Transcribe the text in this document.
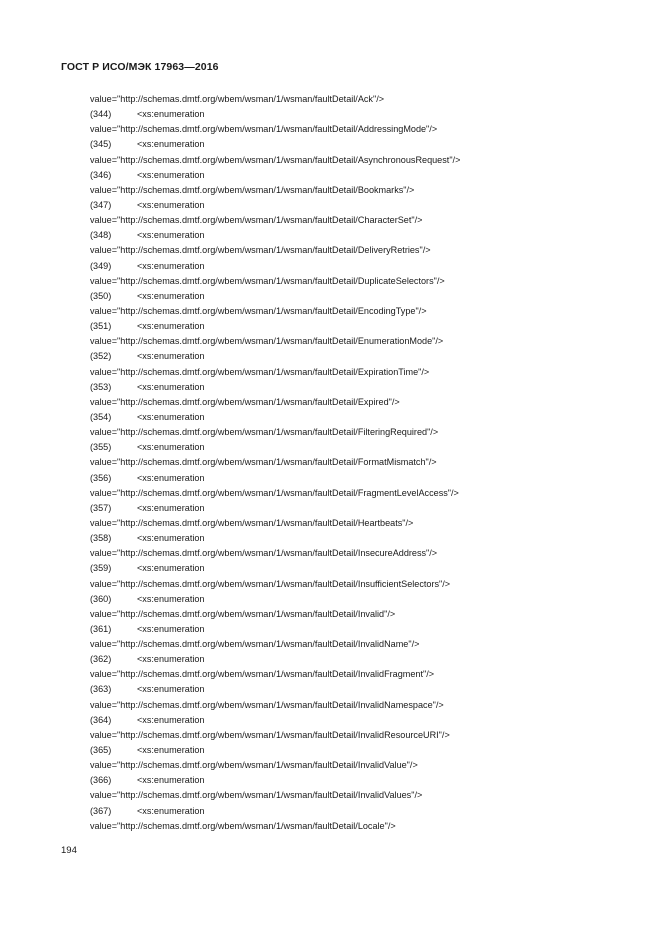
ГОСТ Р ИСО/МЭК 17963—2016
value="http://schemas.dmtf.org/wbem/wsman/1/wsman/faultDetail/Ack"/>
(344)	<xs:enumeration
value="http://schemas.dmtf.org/wbem/wsman/1/wsman/faultDetail/AddressingMode"/>
(345)	<xs:enumeration
value="http://schemas.dmtf.org/wbem/wsman/1/wsman/faultDetail/AsynchronousRequest"/>
(346)	<xs:enumeration
value="http://schemas.dmtf.org/wbem/wsman/1/wsman/faultDetail/Bookmarks"/>
(347)	<xs:enumeration
value="http://schemas.dmtf.org/wbem/wsman/1/wsman/faultDetail/CharacterSet"/>
(348)	<xs:enumeration
value="http://schemas.dmtf.org/wbem/wsman/1/wsman/faultDetail/DeliveryRetries"/>
(349)	<xs:enumeration
value="http://schemas.dmtf.org/wbem/wsman/1/wsman/faultDetail/DuplicateSelectors"/>
(350)	<xs:enumeration
value="http://schemas.dmtf.org/wbem/wsman/1/wsman/faultDetail/EncodingType"/>
(351)	<xs:enumeration
value="http://schemas.dmtf.org/wbem/wsman/1/wsman/faultDetail/EnumerationMode"/>
(352)	<xs:enumeration
value="http://schemas.dmtf.org/wbem/wsman/1/wsman/faultDetail/ExpirationTime"/>
(353)	<xs:enumeration
value="http://schemas.dmtf.org/wbem/wsman/1/wsman/faultDetail/Expired"/>
(354)	<xs:enumeration
value="http://schemas.dmtf.org/wbem/wsman/1/wsman/faultDetail/FilteringRequired"/>
(355)	<xs:enumeration
value="http://schemas.dmtf.org/wbem/wsman/1/wsman/faultDetail/FormatMismatch"/>
(356)	<xs:enumeration
value="http://schemas.dmtf.org/wbem/wsman/1/wsman/faultDetail/FragmentLevelAccess"/>
(357)	<xs:enumeration
value="http://schemas.dmtf.org/wbem/wsman/1/wsman/faultDetail/Heartbeats"/>
(358)	<xs:enumeration
value="http://schemas.dmtf.org/wbem/wsman/1/wsman/faultDetail/InsecureAddress"/>
(359)	<xs:enumeration
value="http://schemas.dmtf.org/wbem/wsman/1/wsman/faultDetail/InsufficientSelectors"/>
(360)	<xs:enumeration
value="http://schemas.dmtf.org/wbem/wsman/1/wsman/faultDetail/Invalid"/>
(361)	<xs:enumeration
value="http://schemas.dmtf.org/wbem/wsman/1/wsman/faultDetail/InvalidName"/>
(362)	<xs:enumeration
value="http://schemas.dmtf.org/wbem/wsman/1/wsman/faultDetail/InvalidFragment"/>
(363)	<xs:enumeration
value="http://schemas.dmtf.org/wbem/wsman/1/wsman/faultDetail/InvalidNamespace"/>
(364)	<xs:enumeration
value="http://schemas.dmtf.org/wbem/wsman/1/wsman/faultDetail/InvalidResourceURI"/>
(365)	<xs:enumeration
value="http://schemas.dmtf.org/wbem/wsman/1/wsman/faultDetail/InvalidValue"/>
(366)	<xs:enumeration
value="http://schemas.dmtf.org/wbem/wsman/1/wsman/faultDetail/InvalidValues"/>
(367)	<xs:enumeration
value="http://schemas.dmtf.org/wbem/wsman/1/wsman/faultDetail/Locale"/>
194
